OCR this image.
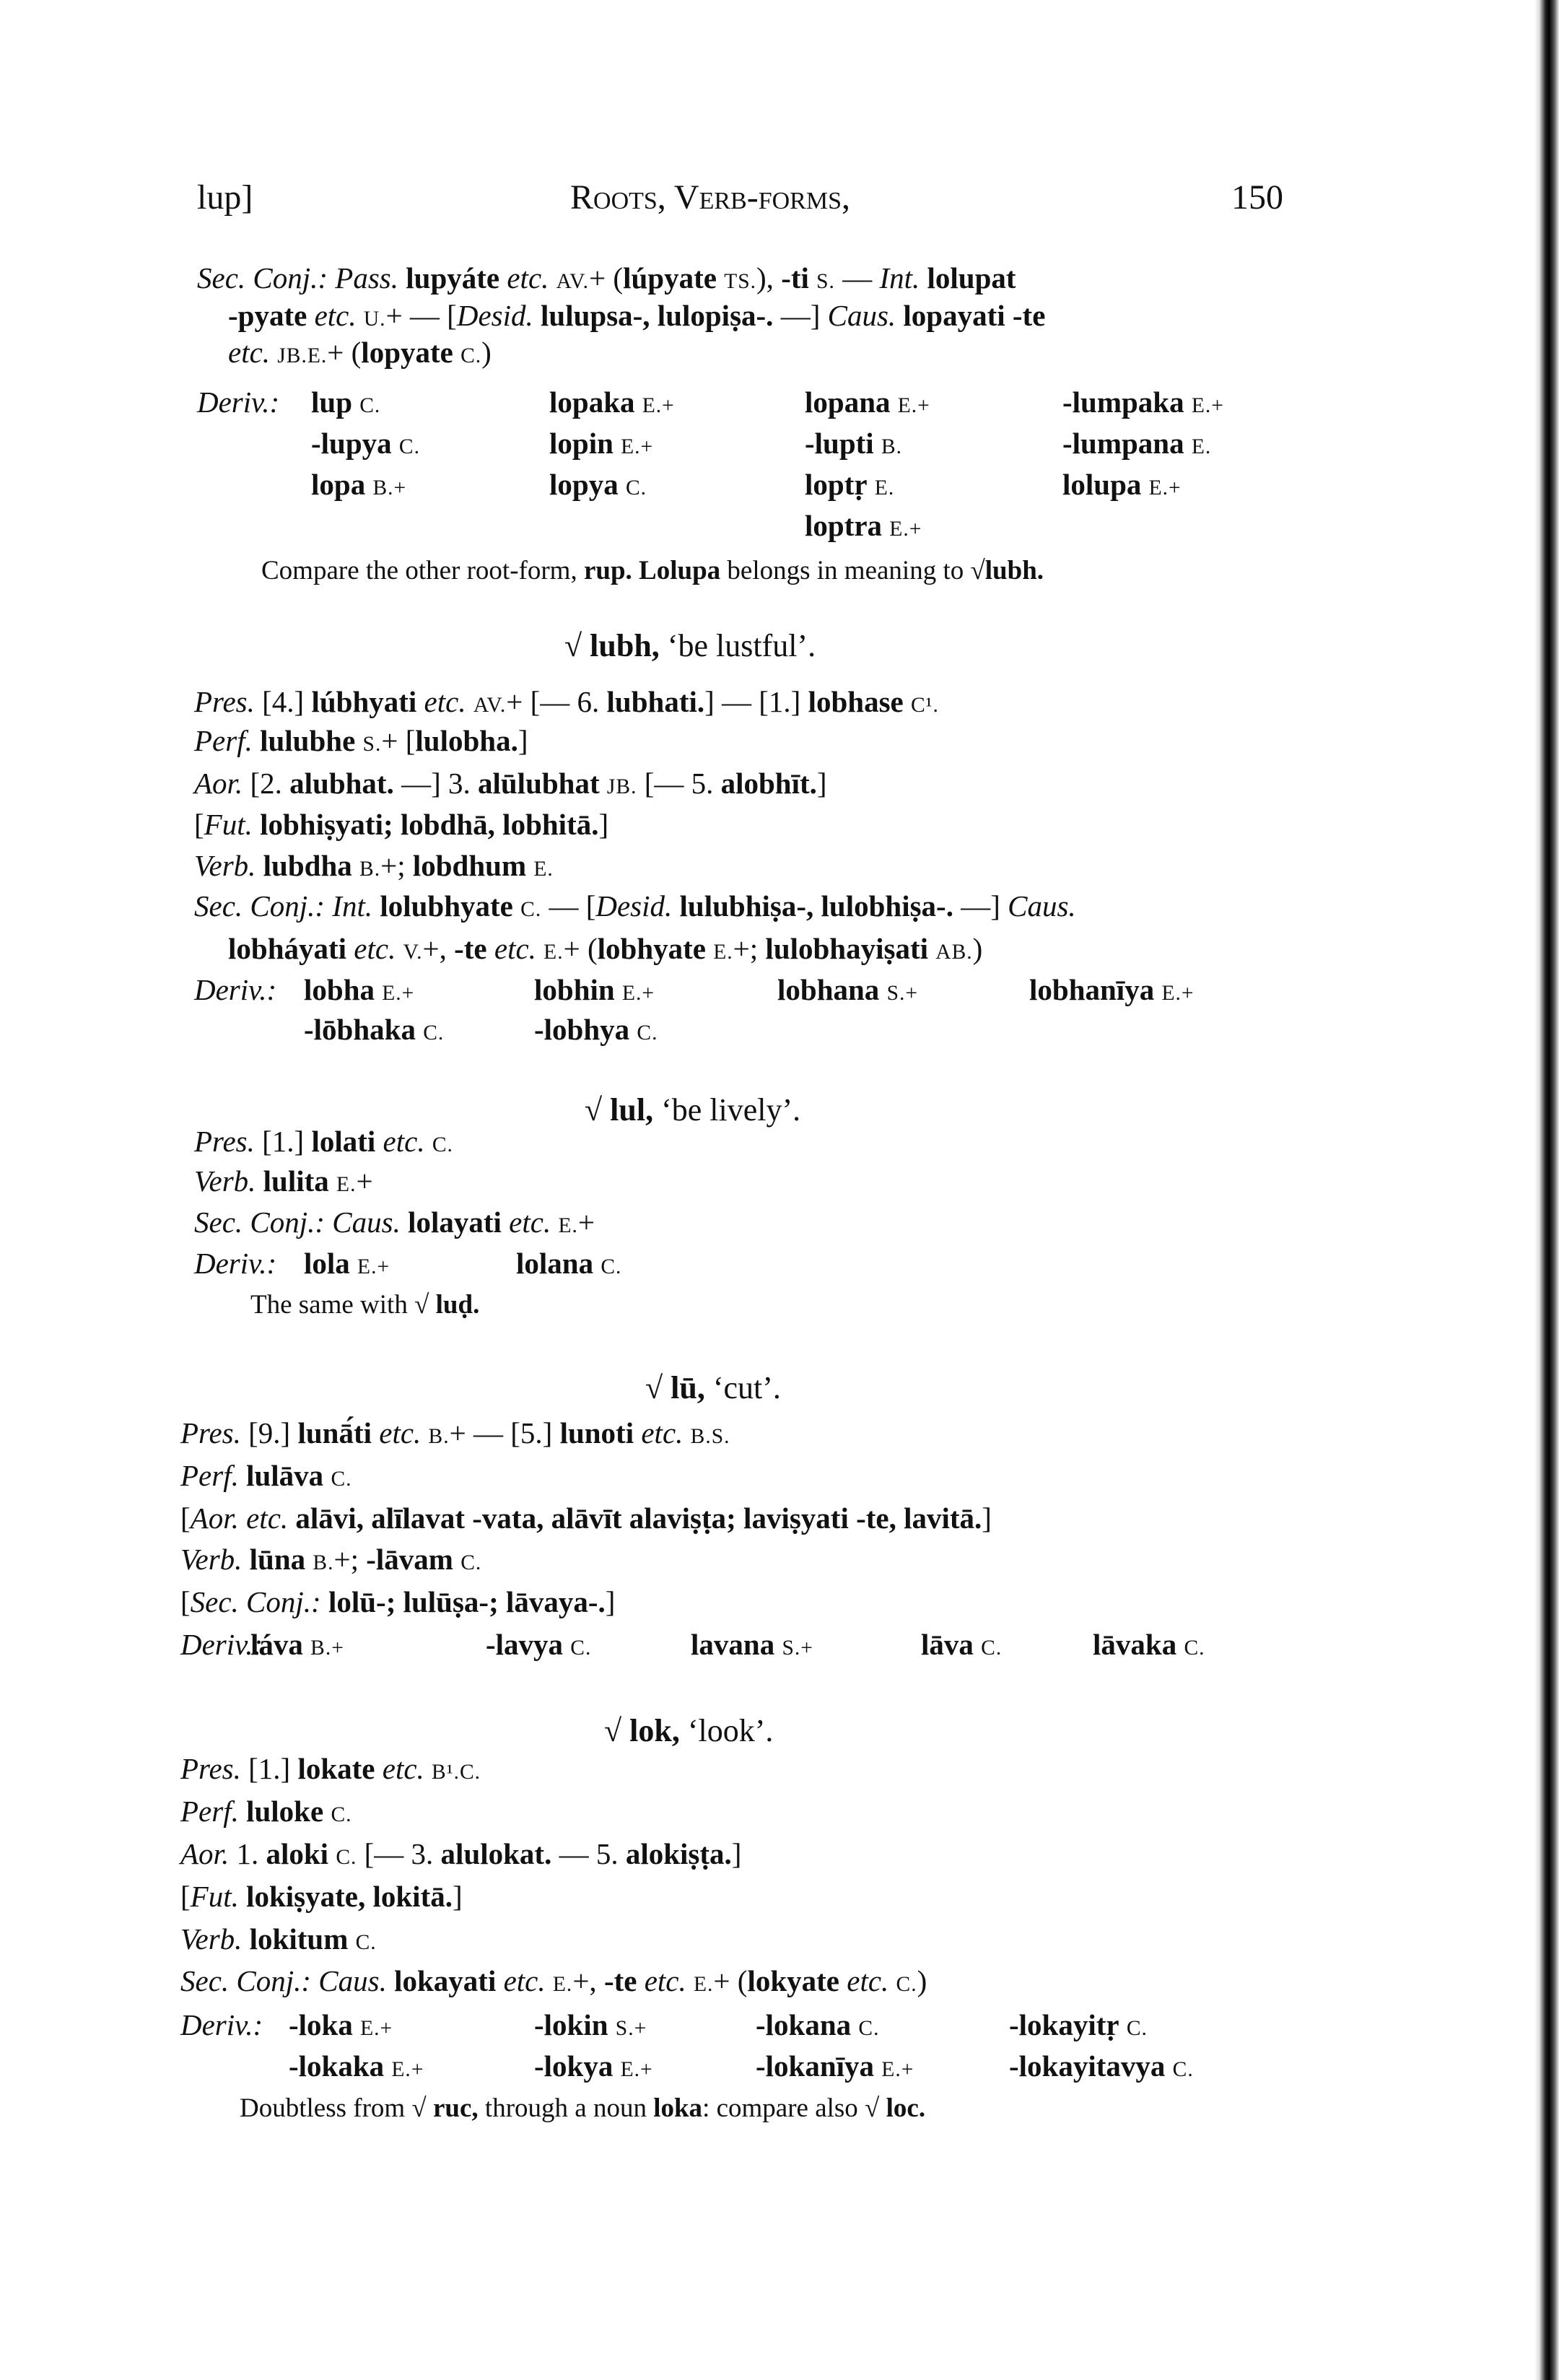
lup]	Roots, Verb-forms,	150
Sec. Conj.: Pass. lupyáte etc. AV.+ (lúpyate TS.), -ti S. — Int. lolupat
-pyate etc. U.+ — [Desid. lulupsa-, lulopiṣa-. —] Caus. lopayati -te
etc. JB.E.+ (lopyate C.)
Deriv.: lup C.	lopaka E.+	lopana E.+	-lumpaka E.+
-lupya C.	lopin E.+	-lupti B.	-lumpana E.
lopa B.+	lopya C.	loptṛ E.	lolupa E.+
loptra E.+
Compare the other root-form, rup. Lolupa belongs in meaning to √lubh.
√ lubh, ‘be lustful’.
Pres. [4.] lúbhyati etc. AV.+ [— 6. lubhati.] — [1.] lobhase C¹.
Perf. lulubhe S.+ [lulobha.]
Aor. [2. alubhat. —] 3. alūlubhat JB. [— 5. alobhīt.]
[Fut. lobhiṣyati; lobdhā, lobhitā.]
Verb. lubdha B.+; lobdhum E.
Sec. Conj.: Int. lolubhyate C. — [Desid. lulubhiṣa-, lulobhiṣa-. —] Caus.
lobháyati etc. V.+, -te etc. E.+ (lobhyate E.+; lulobhayiṣati AB.)
Deriv.: lobha E.+	lobhin E.+	lobhana S.+	lobhanīya E.+
-lōbhaka C.	-lobhya C.
√ lul, ‘be lively’.
Pres. [1.] lolati etc. C.
Verb. lulita E.+
Sec. Conj.: Caus. lolayati etc. E.+
Deriv.: lola E.+	lolana C.
The same with √ luḍ.
√ lū, ‘cut’.
Pres. [9.] lunā́ti etc. B.+ — [5.] lunoti etc. B.S.
Perf. lulāva C.
[Aor. etc. alāvi, alīlavat -vata, alāvīt alaviṣṭa; laviṣyati -te, lavitā.]
Verb. lūna B.+; -lāvam C.
[Sec. Conj.: lolū-; lulūṣa-; lāvaya-.]
Deriv.:
láva B.+	-lavya C.	lavana S.+	lāva C.	lāvaka C.
√ lok, ‘look’.
Pres. [1.] lokate etc. B¹.C.
Perf. luloke C.
Aor. 1. aloki C. [— 3. alulokat. — 5. alokiṣṭa.]
[Fut. lokiṣyate, lokitā.]
Verb. lokitum C.
Sec. Conj.: Caus. lokayati etc. E.+, -te etc. E.+ (lokyate etc. C.)
Deriv.: -loka E.+	-lokin S.+	-lokana C.	-lokayitṛ C.
-lokaka E.+	-lokya E.+	-lokanīya E.+	-lokayitavya C.
Doubtless from √ ruc, through a noun loka: compare also √ loc.
